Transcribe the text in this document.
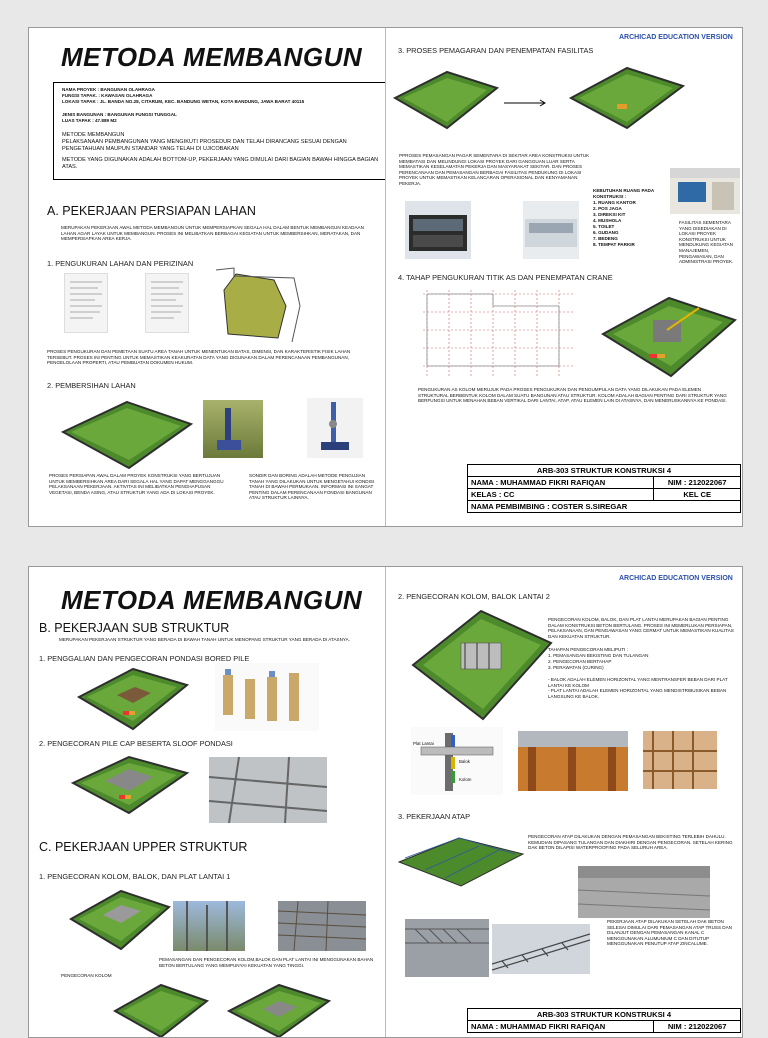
METODA MEMBANGUN
NAMA PROYEK : BANGUNAN OLAHRAGA
FUNGSI TAPAK. : KAWASAN OLAHRAGA
LOKASI TAPAK : JL. BANDA NO.28, CITARUM, KEC. BANDUNG WETAN, KOTA BANDUNG, JAWA BARAT 40115
JENIS BANGUNAN : BANGUNAN FUNGSI TUNGGAL
LUAS TAPAK : 47.889 M2
METODE MEMBANGUN
PELAKSANAAN PEMBANGUNAN YANG MENGIKUTI PROSEDUR DAN TELAH DIRANCANG SESUAI DENGAN PENGETAHUAN MAUPUN STANDAR YANG TELAH DI UJICOBAKAN
METODE YANG DIGUNAKAN ADALAH BOTTOM-UP, PEKERJAAN YANG DIMULAI DARI BAGIAN BAWAH HINGGA BAGIAN ATAS.
A. PEKERJAAN PERSIAPAN LAHAN
MERUPAKAN PEKERJAAN AWAL METODA MEMBANGUN UNTUK MEMPERSIAPKAN SEGALA HAL DALAM BENTUK MEMBANGUN KEADAAN LAHAN AGAR LAYAK UNTUK MEMBANGUN. PROSES INI MELIBATKAN BERBAGAI KEGIATAN UNTUK MEMBERSIHKAN, MERATAKAN, DAN MEMPERSIAPKAN AREA KERJA.
1. PENGUKURAN LAHAN DAN PERIZINAN
PROSES PENGUKURAN DAN PEMETAAN SUATU AREA TANAH UNTUK MENENTUKAN BATAS, DIMENSI, DAN KARAKTERISTIK FISIK LAHAN TERSEBUT. PROSES INI PENTING UNTUK MEMASTIKAN KEAKURATAN DATA YANG DIGUNAKAN DALAM PERENCANAAN PEMBANGUNAN, PENGELOLAAN PROPERTI, ATAU PEMBUATAN DOKUMEN HUKUM.
2. PEMBERSIHAN LAHAN
PROSES PERSIAPAN AWAL DALAM PROYEK KONSTRUKSI YANG BERTUJUAN UNTUK MEMBERSIHKAN AREA DARI SEGALA HAL YANG DAPAT MENGGANGGU PELAKSANAAN PEKERJAAN. AKTIVITAS INI MELIBATKAN PENGHAPUSAN VEGETASI, BENDA ASING, ATAU STRUKTUR YANG ADA DI LOKASI PROYEK.
SONDIR DAN BORING ADALAH METODE PENGUJIAN TANAH YANG DILAKUKAN UNTUK MENGETAHUI KONDISI TANAH DI BAWAH PERMUKAAN. INFORMASI INI SANGAT PENTING DALAM PERENCANAAN FONDASI BANGUNAN ATAU STRUKTUR LAINNYA.
ARCHICAD EDUCATION VERSION
3. PROSES PEMAGARAN DAN PENEMPATAN FASILITAS
PPROSES PEMASANGAN PAGAR SEMENTARA DI SEKITAR AREA KONSTRUKSI UNTUK MEMBATASI DAN MELINDUNGI LOKASI PROYEK DARI GANGGUAN LUAR SERTA MEMASTIKAN KESELAMATAN PEKERJA DAN MASYARAKAT SEKITAR. DAN PROSES PERENCANAAN DAN PEMASANGAN BERBAGAI FASILITAS PENDUKUNG DI LOKASI PROYEK UNTUK MEMASTIKAN KELANCARAN OPERASIONAL DAN KENYAMANAN PEKERJA.
KEBUTUHAN RUANG PADA KONSTRUKSI :
1. RUANG KANTOR
2. POS JAGA
3. DIREKSI KIT
4. MUSHOLA
5. TOILET
6. GUDANG
7. BEDENG
8. TEMPAT PARKIR
FASILITAS SEMENTARA YANG DISEDIAKAN DI LOKASI PROYEK KONSTRUKSI UNTUK MENDUKUNG KEGIATAN MANAJEMEN, PENGAWASAN, DAN ADMINISTRASI PROYEK.
4. TAHAP PENGUKURAN TITIK AS DAN PENEMPATAN CRANE
PENGUKURAN AS KOLOM MERUJUK PADA PROSES PENGUKURAN DAN PENGUMPULAN DATA YANG DILAKUKAN PADA ELEMEN STRUKTURAL BERBENTUK KOLOM DALAM SUATU BANGUNAN ATAU STRUKTUR. KOLOM ADALAH BAGIAN PENTING DARI STRUKTUR YANG BERFUNGSI UNTUK MENAHAN BEBAN VERTIKAL DARI LANTAI, ATAP, ATAU ELEMEN LAIN DI ATASNYA, DAN MENERUSKANNYA KE PONDASI.
ARB-303 STRUKTUR KONSTRUKSI 4	
NAMA : MUHAMMAD FIKRI RAFIQAN	NIM : 212022067
KELAS : CC	KEL CE
NAMA PEMBIMBING : COSTER S.SIREGAR	
METODA MEMBANGUN
B. PEKERJAAN SUB STRUKTUR
MERUPAKAN PEKERJAAN STRUKTUR YANG BERADA DI BAWAH TANAH UNTUK MENOPANG STRUKTUR YANG BERADA DI ATASNYA.
1. PENGGALIAN DAN PENGECORAN PONDASI BORED PILE
2. PENGECORAN PILE CAP BESERTA SLOOF PONDASI
C. PEKERJAAN UPPER STRUKTUR
1. PENGECORAN KOLOM, BALOK, DAN PLAT LANTAI 1
PEMASANGAN DAN PENGECORAN KOLOM,BALOK DAN PLAT LANTAI INI MENGGUNAKAN BAHAN BETON BERTULANG YANG MEMPUNYAI KEKUATAN YANG TINGGI.
PENGECORAN KOLOM
ARCHICAD EDUCATION VERSION
2. PENGECORAN KOLOM, BALOK LANTAI 2
PENGECORAN KOLOM, BALOK, DAN PLAT LANTAI MERUPAKAN BAGIAN PENTING DALAM KONSTRUKSI BETON BERTULANG. PROSES INI MEMERLUKAN PERSIAPAN, PELAKSANAAN, DAN PENGAWASAN YANG CERMAT UNTUK MEMASTIKAN KUALITAS DAN KEKUATAN STRUKTUR.
TAHAPAN PENGECORAN MELIPUTI :
1. PEMASANGAN BEKISTING DAN TULANGAN
2. PENGECORAN BERTAHAP
3. PERAWATAN (CURING)
- BALOK ADALAH ELEMEN HORIZONTAL YANG MENTRANSFER BEBAN DARI PLAT LANTAI KE KOLOM
- PLAT LANTAI ADALAH ELEMEN HORIZONTAL YANG MENDISTRIBUSIKAN BEBAN LANGSUNG KE BALOK.
Plat Lantai
Balok
Kolom
3. PEKERJAAN ATAP
PENGECORAN ATAP DILAKUKAN DENGAN PEMASANGAN BEKISTING TERLEBIH DAHULU. KEMUDIAN DIPASANG TULANGAN DAN DIAKHIRI DENGAN PENGECORAN. SETELAH KERING DAK BETON DILAPISI WATERPROOFING PADA SELURUH AREA.
PEKERJAAN ATAP DILAKUKAN SETELAH DAK BETON SELESAI DIMULAI DARI PEMASANGAN ATAP TRUSS DAN DILANJUT DENGAN PEMASANGAN KANAL C MENGGUNAKAN ALUMUNIUM C DAN DITUTUP MENGGUNAKAN PENUTUP ATAP ZINCALUME.
ARB-303 STRUKTUR KONSTRUKSI 4
NAMA : MUHAMMAD FIKRI RAFIQAN	NIM : 212022067
